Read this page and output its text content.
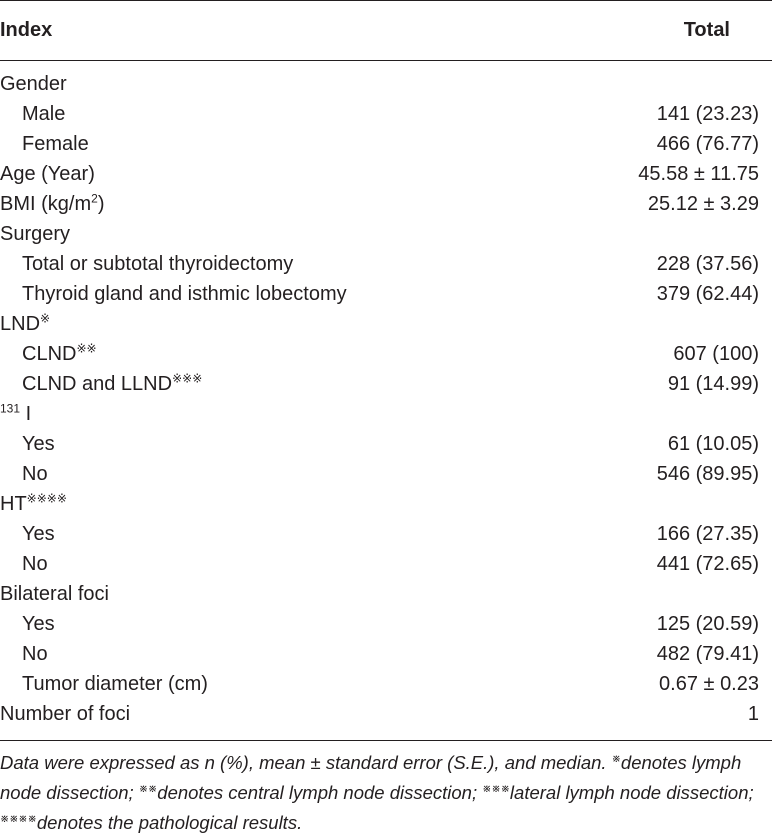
Index	Total
Gender
Male	141 (23.23)
Female	466 (76.77)
Age (Year)	45.58 ± 11.75
BMI $(kg/m^2)$	25.12 ± 3.29
Surgery
Total or subtotal thyroidectomy	228 (37.56)
Thyroid gland and isthmic lobectomy	379 (62.44)
LND※
CLND※※	607 (100)
CLND and LLND※※※	91 (14.99)
$^{131}$ I
Yes	61 (10.05)
No	546 (89.95)
HT※※※※
Yes	166 (27.35)
No	441 (72.65)
Bilateral foci
Yes	125 (20.59)
No	482 (79.41)
Tumor diameter (cm)	0.67 ± 0.23
Number of foci	1
Data were expressed as n (%), mean ± standard error (S.E.), and median. ※denotes lymph node dissection; ※※denotes central lymph node dissection; ※※※lateral lymph node dissection; ※※※※denotes the pathological results.
